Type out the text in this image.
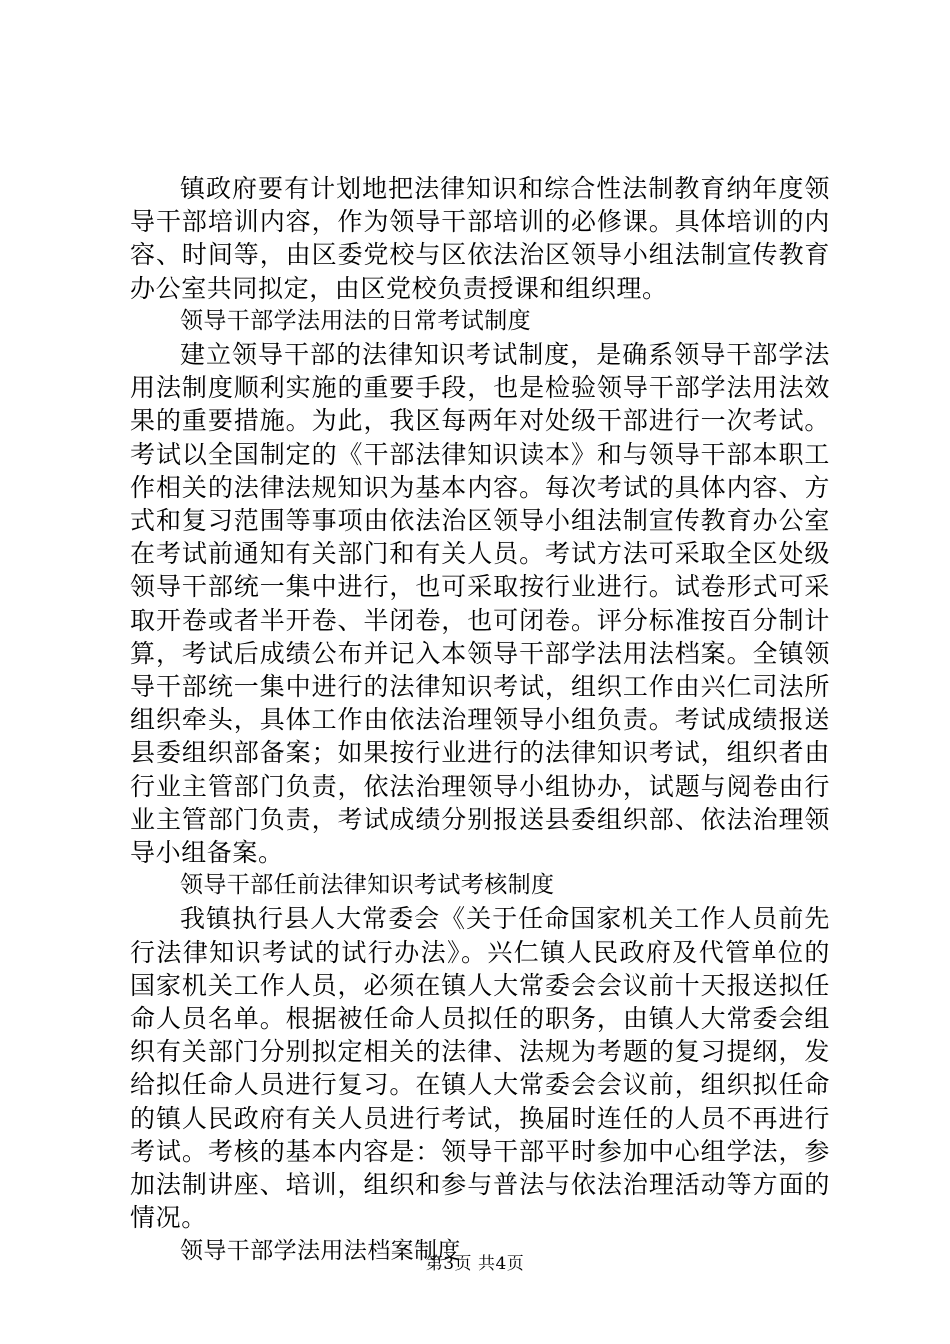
镇政府要有计划地把法律知识和综合性法制教育纳年度领导干部培训内容，作为领导干部培训的必修课。具体培训的内容、时间等，由区委党校与区依法治区领导小组法制宣传教育办公室共同拟定，由区党校负责授课和组织理。

领导干部学法用法的日常考试制度

建立领导干部的法律知识考试制度，是确系领导干部学法用法制度顺利实施的重要手段，也是检验领导干部学法用法效果的重要措施。为此，我区每两年对处级干部进行一次考试。考试以全国制定的《干部法律知识读本》和与领导干部本职工作相关的法律法规知识为基本内容。每次考试的具体内容、方式和复习范围等事项由依法治区领导小组法制宣传教育办公室在考试前通知有关部门和有关人员。考试方法可采取全区处级领导干部统一集中进行，也可采取按行业进行。试卷形式可采取开卷或者半开卷、半闭卷，也可闭卷。评分标准按百分制计算，考试后成绩公布并记入本领导干部学法用法档案。全镇领导干部统一集中进行的法律知识考试，组织工作由兴仁司法所组织牵头，具体工作由依法治理领导小组负责。考试成绩报送县委组织部备案；如果按行业进行的法律知识考试，组织者由行业主管部门负责，依法治理领导小组协办，试题与阅卷由行业主管部门负责，考试成绩分别报送县委组织部、依法治理领导小组备案。

领导干部任前法律知识考试考核制度

我镇执行县人大常委会《关于任命国家机关工作人员前先行法律知识考试的试行办法》。兴仁镇人民政府及代管单位的国家机关工作人员，必须在镇人大常委会会议前十天报送拟任命人员名单。根据被任命人员拟任的职务，由镇人大常委会组织有关部门分别拟定相关的法律、法规为考题的复习提纲，发给拟任命人员进行复习。在镇人大常委会会议前，组织拟任命的镇人民政府有关人员进行考试，换届时连任的人员不再进行考试。考核的基本内容是：领导干部平时参加中心组学法，参加法制讲座、培训，组织和参与普法与依法治理活动等方面的情况。

领导干部学法用法档案制度

第3页 共4页
